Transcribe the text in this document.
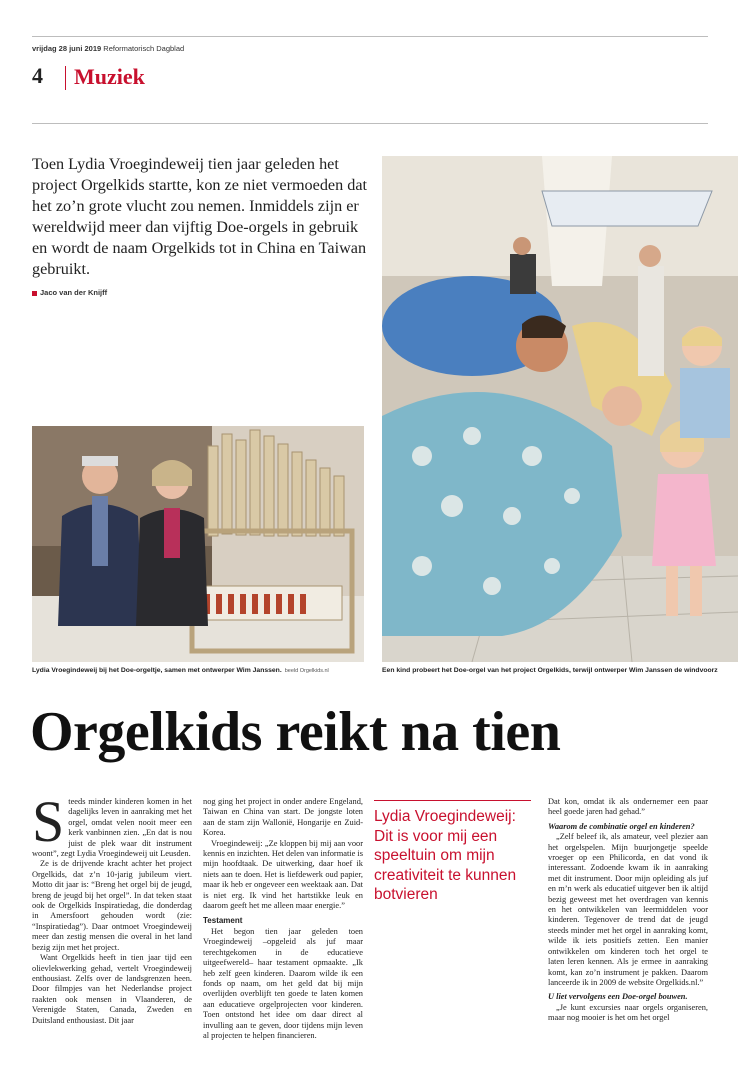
vrijdag 28 juni 2019 Reformatorisch Dagblad
4 Muziek
Toen Lydia Vroegindeweij tien jaar geleden het project Orgelkids startte, kon ze niet vermoeden dat het zo’n grote vlucht zou nemen. Inmiddels zijn er wereldwijd meer dan vijftig Doe-orgels in gebruik en wordt de naam Orgelkids tot in China en Taiwan gebruikt.
Jaco van der Knijff
Lydia Vroegindeweij bij het Doe-orgeltje, samen met ontwerper Wim Janssen. beeld Orgelkids.nl	Een kind probeert het Doe-orgel van het project Orgelkids, terwijl ontwerper Wim Janssen de windvoorz
Orgelkids reikt na tien

Steeds minder kinderen komen in het dagelijks leven in aanraking met het orgel, omdat velen nooit meer een kerk vanbinnen zien. „En dat is nou juist de plek waar dit instrument woont”, zegt Lydia Vroegindeweij uit Leusden.

Ze is de drijvende kracht achter het project Orgelkids, dat z’n 10-jarig jubileum viert. Motto dit jaar is: “Breng het orgel bij de jeugd, breng de jeugd bij het orgel”. In dat teken staat ook de Orgelkids Inspiratiedag, die donderdag in Amersfoort gehouden wordt (zie: “Inspiratiedag”). Daar ontmoet Vroegindeweij meer dan zestig mensen die overal in het land bezig zijn met het project.

Want Orgelkids heeft in tien jaar tijd een olievlekwerking gehad, vertelt Vroegindeweij enthousiast. Zelfs over de landsgrenzen heen. Door filmpjes van het Nederlandse project raakten ook mensen in Vlaanderen, de Verenigde Staten, Canada, Zweden en Duitsland enthousiast. Dit jaar

nog ging het project in onder andere Engeland, Taiwan en China van start. De jongste loten aan de stam zijn Wallonië, Hongarije en Zuid-Korea.

Vroegindeweij: „Ze kloppen bij mij aan voor kennis en inzichten. Het delen van informatie is mijn hoofdtaak. De uitwerking, daar hoef ik niets aan te doen. Het is liefdewerk oud papier, maar ik heb er ongeveer een weektaak aan. Dat is niet erg. Ik vind het hartstikke leuk en daarom geeft het me alleen maar energie.”

Testament

Het begon tien jaar geleden toen Vroegindeweij –opgeleid als juf maar terechtgekomen in de educatieve uitgeefwereld– haar testament opmaakte. „Ik heb zelf geen kinderen. Daarom wilde ik een fonds op naam, om het geld dat bij mijn overlijden overblijft ten goede te laten komen aan educatieve orgelprojecten voor kinderen. Toen ontstond het idee om daar direct al invulling aan te geven, door tijdens mijn leven al projecten te helpen financieren.

Lydia Vroegindeweij: Dit is voor mij een speeltuin om mijn creativiteit te kunnen botvieren

Dat kon, omdat ik als ondernemer een paar heel goede jaren had gehad.”

Waarom de combinatie orgel en kinderen?

„Zelf beleef ik, als amateur, veel plezier aan het orgelspelen. Mijn buurjongetje speelde vroeger op een Philicorda, en dat vond ik interessant. Zodoende kwam ik in aanraking met dit instrument. Door mijn opleiding als juf en m’n werk als educatief uitgever ben ik altijd bezig geweest met het overdragen van kennis en het ontwikkelen van leermiddelen voor kinderen. Tegenover de trend dat de jeugd steeds minder met het orgel in aanraking komt, wilde ik iets positiefs zetten. Een manier ontwikkelen om kinderen toch het orgel te laten leren kennen. Als je ermee in aanraking komt, kan zo’n instrument je pakken. Daarom lanceerde ik in 2009 de website Orgelkids.nl.”

U liet vervolgens een Doe-orgel bouwen.

„Je kunt excursies naar orgels organiseren, maar nog mooier is het om het orgel
